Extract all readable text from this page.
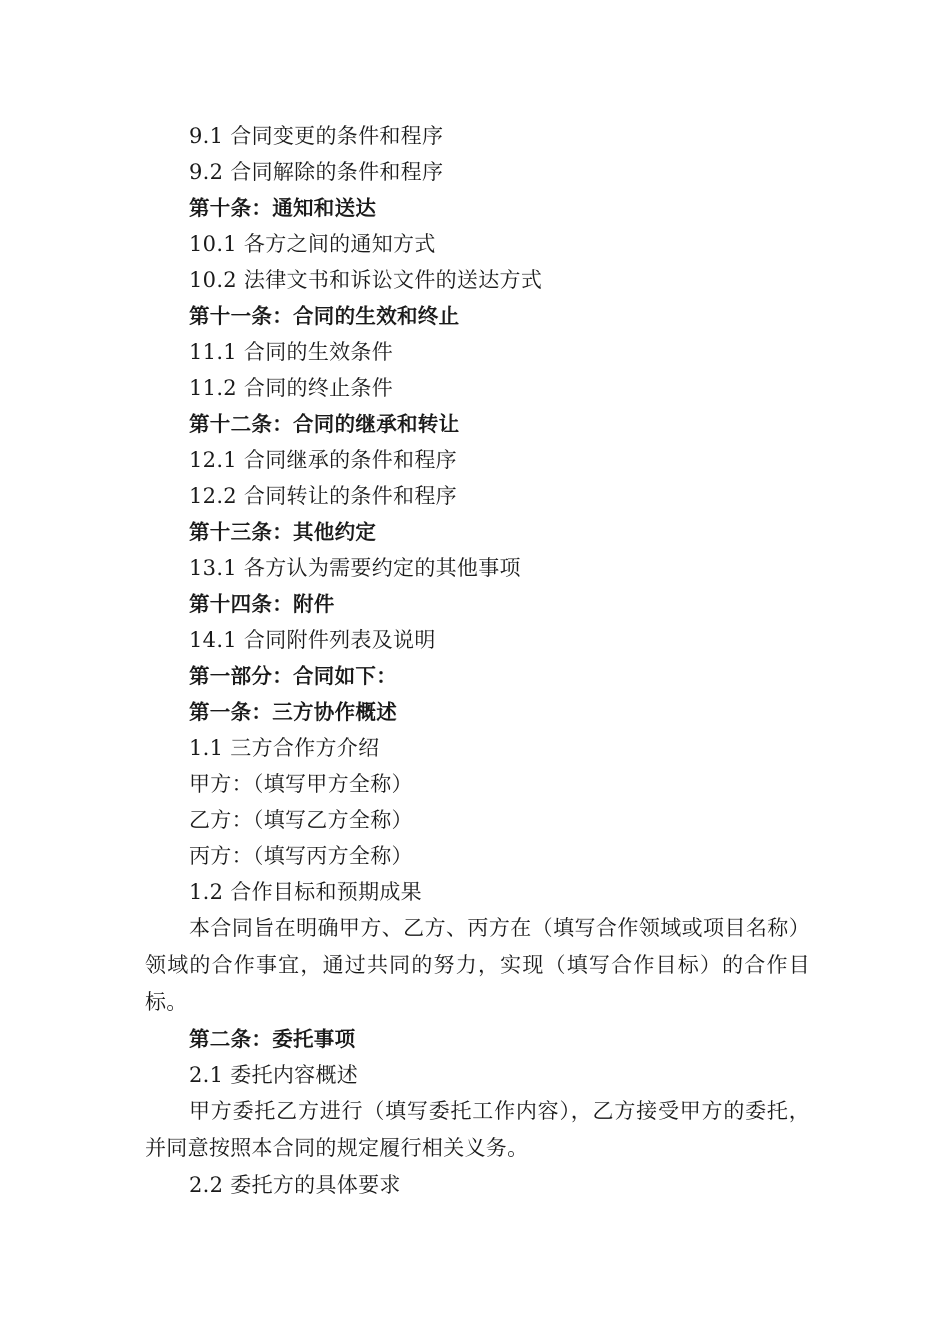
9.1 合同变更的条件和程序
9.2 合同解除的条件和程序
第十条：通知和送达
10.1 各方之间的通知方式
10.2 法律文书和诉讼文件的送达方式
第十一条：合同的生效和终止
11.1 合同的生效条件
11.2 合同的终止条件
第十二条：合同的继承和转让
12.1 合同继承的条件和程序
12.2 合同转让的条件和程序
第十三条：其他约定
13.1 各方认为需要约定的其他事项
第十四条：附件
14.1 合同附件列表及说明
第一部分：合同如下：
第一条：三方协作概述
1.1 三方合作方介绍
甲方：（填写甲方全称）
乙方：（填写乙方全称）
丙方：（填写丙方全称）
1.2 合作目标和预期成果
本合同旨在明确甲方、乙方、丙方在（填写合作领域或项目名称）领域的合作事宜，通过共同的努力，实现（填写合作目标）的合作目标。
第二条：委托事项
2.1 委托内容概述
甲方委托乙方进行（填写委托工作内容），乙方接受甲方的委托，并同意按照本合同的规定履行相关义务。
2.2 委托方的具体要求
